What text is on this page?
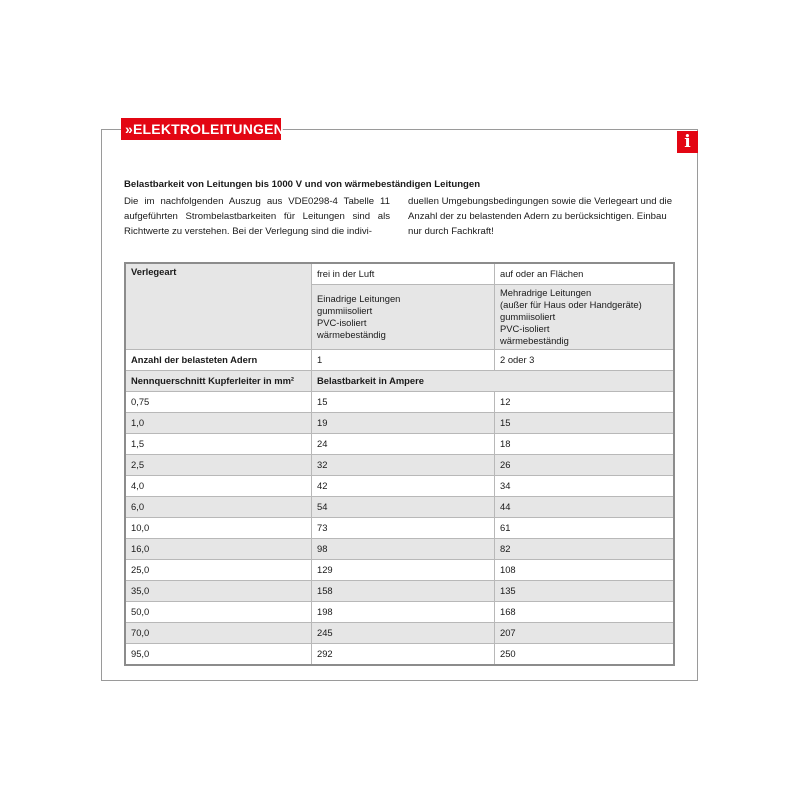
»ELEKTROLEITUNGEN
i
Belastbarkeit von Leitungen bis 1000 V und von wärmebeständigen Leitungen

Die im nachfolgenden Auszug aus VDE0298-4 Tabelle 11 aufgeführten Strombelastbarkeiten für Leitungen sind als Richtwerte zu verstehen. Bei der Verlegung sind die indivi-

duellen Umgebungsbedingungen sowie die Verlegeart und die Anzahl der zu belastenden Adern zu berücksichtigen. Einbau nur durch Fachkraft!

Verlegeart	frei in der Luft	auf oder an Flächen

	Einadrige Leitungen
gummiisoliert
PVC-isoliert
wärmebeständig	Mehradrige Leitungen
(außer für Haus oder Handgeräte)
gummiisoliert
PVC-isoliert
wärmebeständig

Anzahl der belasteten Adern	1	2 oder 3
Nennquerschnitt Kupferleiter in mm²	Belastbarkeit in Ampere	
0,75	15	12
1,0	19	15
1,5	24	18
2,5	32	26
4,0	42	34
6,0	54	44
10,0	73	61
16,0	98	82
25,0	129	108
35,0	158	135
50,0	198	168
70,0	245	207
95,0	292	250
